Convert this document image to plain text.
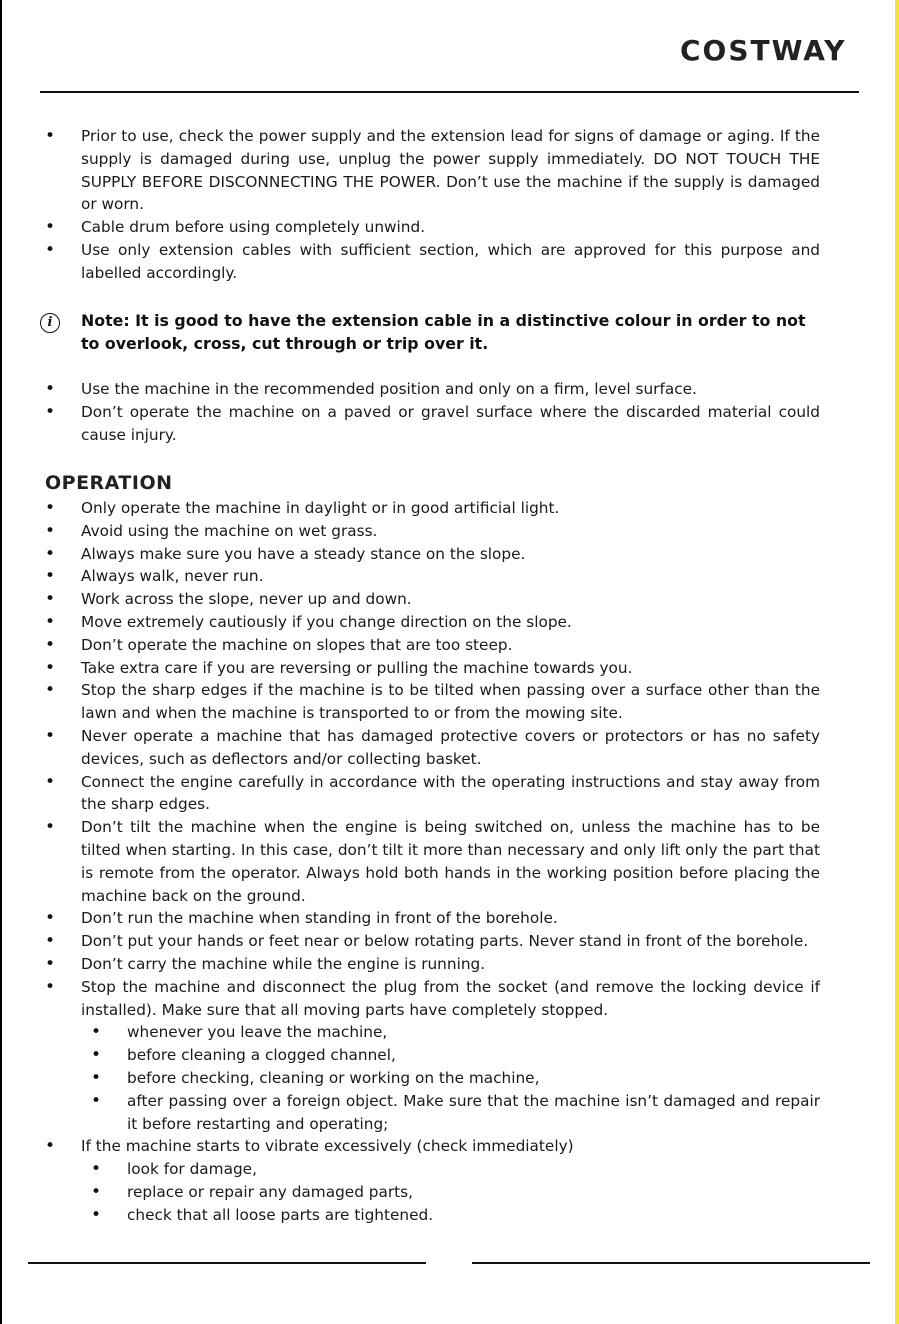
COSTWAY
• Prior to use, check the power supply and the extension lead for signs of damage or aging. If the supply is damaged during use, unplug the power supply immediately. DO NOT TOUCH THE SUPPLY BEFORE DISCONNECTING THE POWER. Don’t use the machine if the supply is damaged or worn.
• Cable drum before using completely unwind.
• Use only extension cables with sufficient section, which are approved for this purpose and labelled accordingly.
i	Note: It is good to have the extension cable in a distinctive colour in order to not to overlook, cross, cut through or trip over it.
• Use the machine in the recommended position and only on a firm, level surface.
• Don’t operate the machine on a paved or gravel surface where the discarded material could cause injury.
OPERATION
• Only operate the machine in daylight or in good artificial light.
• Avoid using the machine on wet grass.
• Always make sure you have a steady stance on the slope.
• Always walk, never run.
• Work across the slope, never up and down.
• Move extremely cautiously if you change direction on the slope.
• Don’t operate the machine on slopes that are too steep.
• Take extra care if you are reversing or pulling the machine towards you.
• Stop the sharp edges if the machine is to be tilted when passing over a surface other than the lawn and when the machine is transported to or from the mowing site.
• Never operate a machine that has damaged protective covers or protectors or has no safety devices, such as deflectors and/or collecting basket.
• Connect the engine carefully in accordance with the operating instructions and stay away from the sharp edges.
• Don’t tilt the machine when the engine is being switched on, unless the machine has to be tilted when starting. In this case, don’t tilt it more than necessary and only lift only the part that is remote from the operator. Always hold both hands in the working position before placing the machine back on the ground.
• Don’t run the machine when standing in front of the borehole.
• Don’t put your hands or feet near or below rotating parts. Never stand in front of the borehole.
• Don’t carry the machine while the engine is running.
• Stop the machine and disconnect the plug from the socket (and remove the locking device if installed). Make sure that all moving parts have completely stopped.
• whenever you leave the machine,
• before cleaning a clogged channel,
• before checking, cleaning or working on the machine,
• after passing over a foreign object. Make sure that the machine isn’t damaged and repair it before restarting and operating;
• If the machine starts to vibrate excessively (check immediately)
• look for damage,
• replace or repair any damaged parts,
• check that all loose parts are tightened.
